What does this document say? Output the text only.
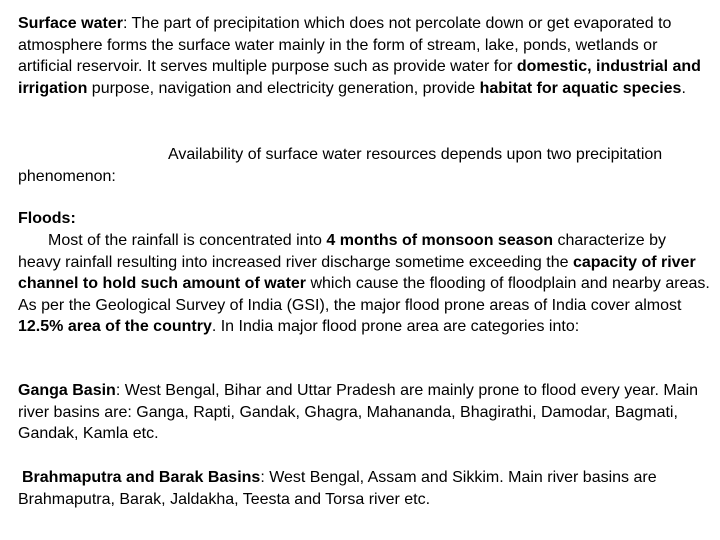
Surface water: The part of precipitation which does not percolate down or get evaporated to atmosphere forms the surface water mainly in the form of stream, lake, ponds, wetlands or artificial reservoir. It serves multiple purpose such as provide water for domestic, industrial and irrigation purpose, navigation and electricity generation, provide habitat for aquatic species.

Availability of surface water resources depends upon two precipitation phenomenon:

Floods:

Most of the rainfall is concentrated into 4 months of monsoon season characterize by heavy rainfall resulting into increased river discharge sometime exceeding the capacity of river channel to hold such amount of water which cause the flooding of floodplain and nearby areas. As per the Geological Survey of India (GSI), the major flood prone areas of India cover almost 12.5% area of the country. In India major flood prone area are categories into:

Ganga Basin: West Bengal, Bihar and Uttar Pradesh are mainly prone to flood every year. Main river basins are: Ganga, Rapti, Gandak, Ghagra, Mahananda, Bhagirathi, Damodar, Bagmati, Gandak, Kamla etc.

Brahmaputra and Barak Basins: West Bengal, Assam and Sikkim. Main river basins are Brahmaputra, Barak, Jaldakha, Teesta and Torsa river etc.
